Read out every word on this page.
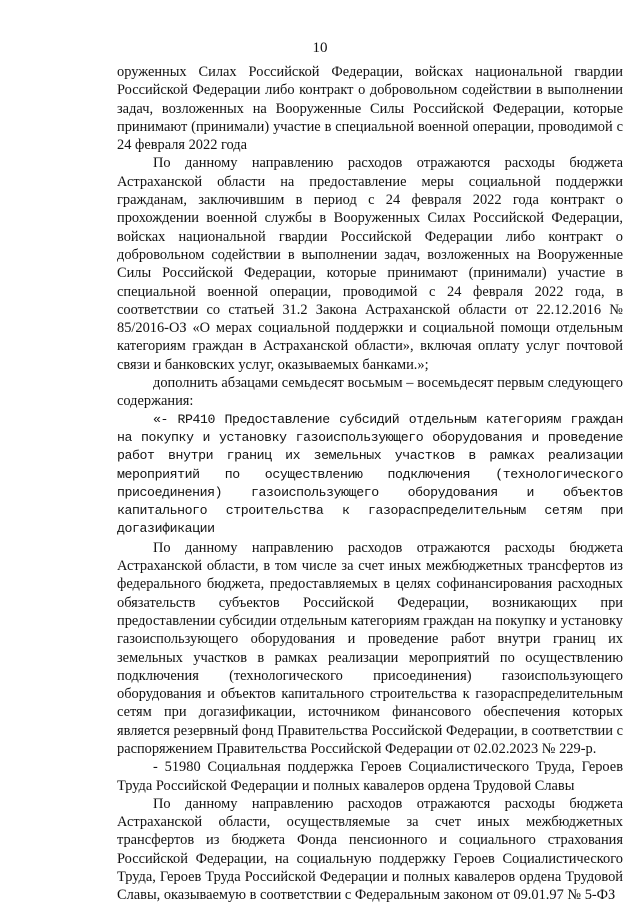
10

оруженных Силах Российской Федерации, войсках национальной гвардии Российской Федерации либо контракт о добровольном содействии в выполнении задач, возложенных на Вооруженные Силы Российской Федерации, которые принимают (принимали) участие в специальной военной операции, проводимой с 24 февраля 2022 года

По данному направлению расходов отражаются расходы бюджета Астраханской области на предоставление меры социальной поддержки гражданам, заключившим в период с 24 февраля 2022 года контракт о прохождении военной службы в Вооруженных Силах Российской Федерации, войсках национальной гвардии Российской Федерации либо контракт о добровольном содействии в выполнении задач, возложенных на Вооруженные Силы Российской Федерации, которые принимают (принимали) участие в специальной военной операции, проводимой с 24 февраля 2022 года, в соответствии со статьей 31.2 Закона Астраханской области от 22.12.2016 № 85/2016-ОЗ «О мерах социальной поддержки и социальной помощи отдельным категориям граждан в Астраханской области», включая оплату услуг почтовой связи и банковских услуг, оказываемых банками.»;

дополнить абзацами семьдесят восьмым – восемьдесят первым следующего содержания:

«- RP410 Предоставление субсидий отдельным категориям граждан на покупку и установку газоиспользующего оборудования и проведение работ внутри границ их земельных участков в рамках реализации мероприятий по осуществлению подключения (технологического присоединения) газоиспользующего оборудования и объектов капитального строительства к газораспределительным сетям при догазификации

По данному направлению расходов отражаются расходы бюджета Астраханской области, в том числе за счет иных межбюджетных трансфертов из федерального бюджета, предоставляемых в целях софинансирования расходных обязательств субъектов Российской Федерации, возникающих при предоставлении субсидии отдельным категориям граждан на покупку и установку газоиспользующего оборудования и проведение работ внутри границ их земельных участков в рамках реализации мероприятий по осуществлению подключения (технологического присоединения) газоиспользующего оборудования и объектов капитального строительства к газораспределительным сетям при догазификации, источником финансового обеспечения которых является резервный фонд Правительства Российской Федерации, в соответствии с распоряжением Правительства Российской Федерации от 02.02.2023 № 229-р.

- 51980 Социальная поддержка Героев Социалистического Труда, Героев Труда Российской Федерации и полных кавалеров ордена Трудовой Славы

По данному направлению расходов отражаются расходы бюджета Астраханской области, осуществляемые за счет иных межбюджетных трансфертов из бюджета Фонда пенсионного и социального страхования Российской Федерации, на социальную поддержку Героев Социалистического Труда, Героев Труда Российской Федерации и полных кавалеров ордена Трудовой Славы, оказываемую в соответствии с Федеральным законом от 09.01.97 № 5-ФЗ
